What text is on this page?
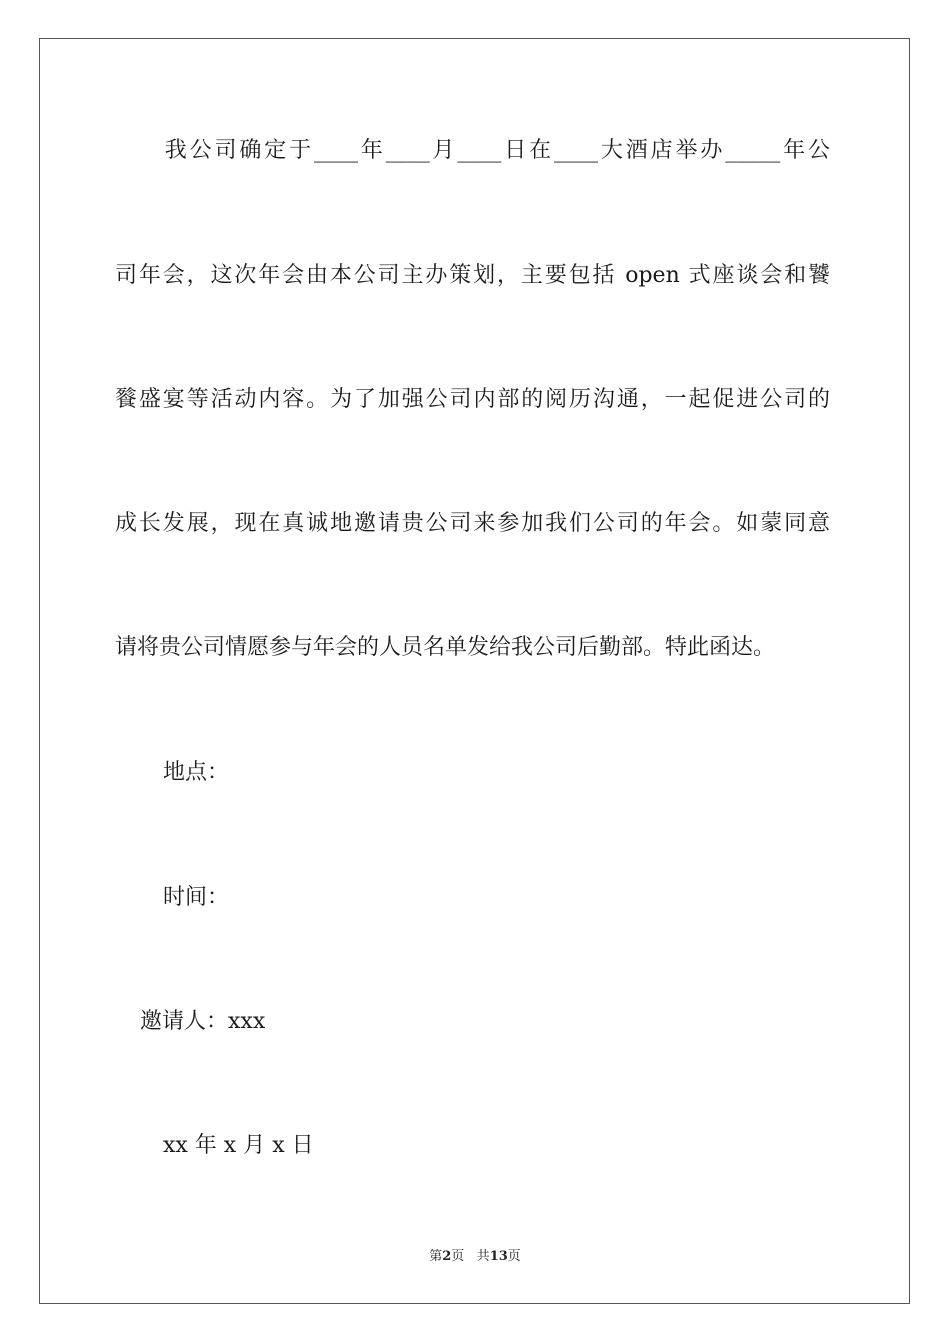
　　我公司确定于____年____月____日在____大酒店举办_____年公
司年会，这次年会由本公司主办策划，主要包括 open 式座谈会和饕
餮盛宴等活动内容。为了加强公司内部的阅历沟通，一起促进公司的
成长发展，现在真诚地邀请贵公司来参加我们公司的年会。如蒙同意
请将贵公司情愿参与年会的人员名单发给我公司后勤部。特此函达。
地点：
时间：
邀请人：xxx
xx 年 x 月 x 日
第2页 共13页
